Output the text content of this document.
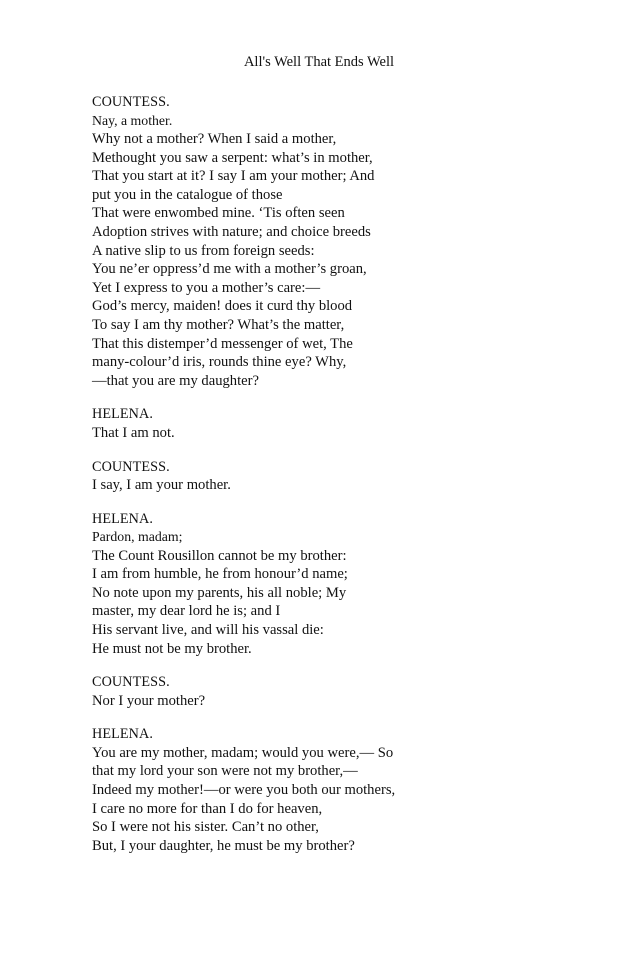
All's Well That Ends Well
COUNTESS.
Nay, a mother.
Why not a mother? When I said a mother,
Methought you saw a serpent: what’s in mother,
That you start at it? I say I am your mother; And
put you in the catalogue of those
That were enwombed mine. ‘Tis often seen
Adoption strives with nature; and choice breeds
A native slip to us from foreign seeds:
You ne’er oppress’d me with a mother’s groan,
Yet I express to you a mother’s care:—
God’s mercy, maiden! does it curd thy blood
To say I am thy mother? What’s the matter,
That this distemper’d messenger of wet, The
many-colour’d iris, rounds thine eye? Why,
—that you are my daughter?
HELENA.
That I am not.
COUNTESS.
I say, I am your mother.
HELENA.
Pardon, madam;
The Count Rousillon cannot be my brother:
I am from humble, he from honour’d name;
No note upon my parents, his all noble; My
master, my dear lord he is; and I
His servant live, and will his vassal die:
He must not be my brother.
COUNTESS.
Nor I your mother?
HELENA.
You are my mother, madam; would you were,— So
that my lord your son were not my brother,—
Indeed my mother!—or were you both our mothers,
I care no more for than I do for heaven,
So I were not his sister. Can’t no other,
But, I your daughter, he must be my brother?
